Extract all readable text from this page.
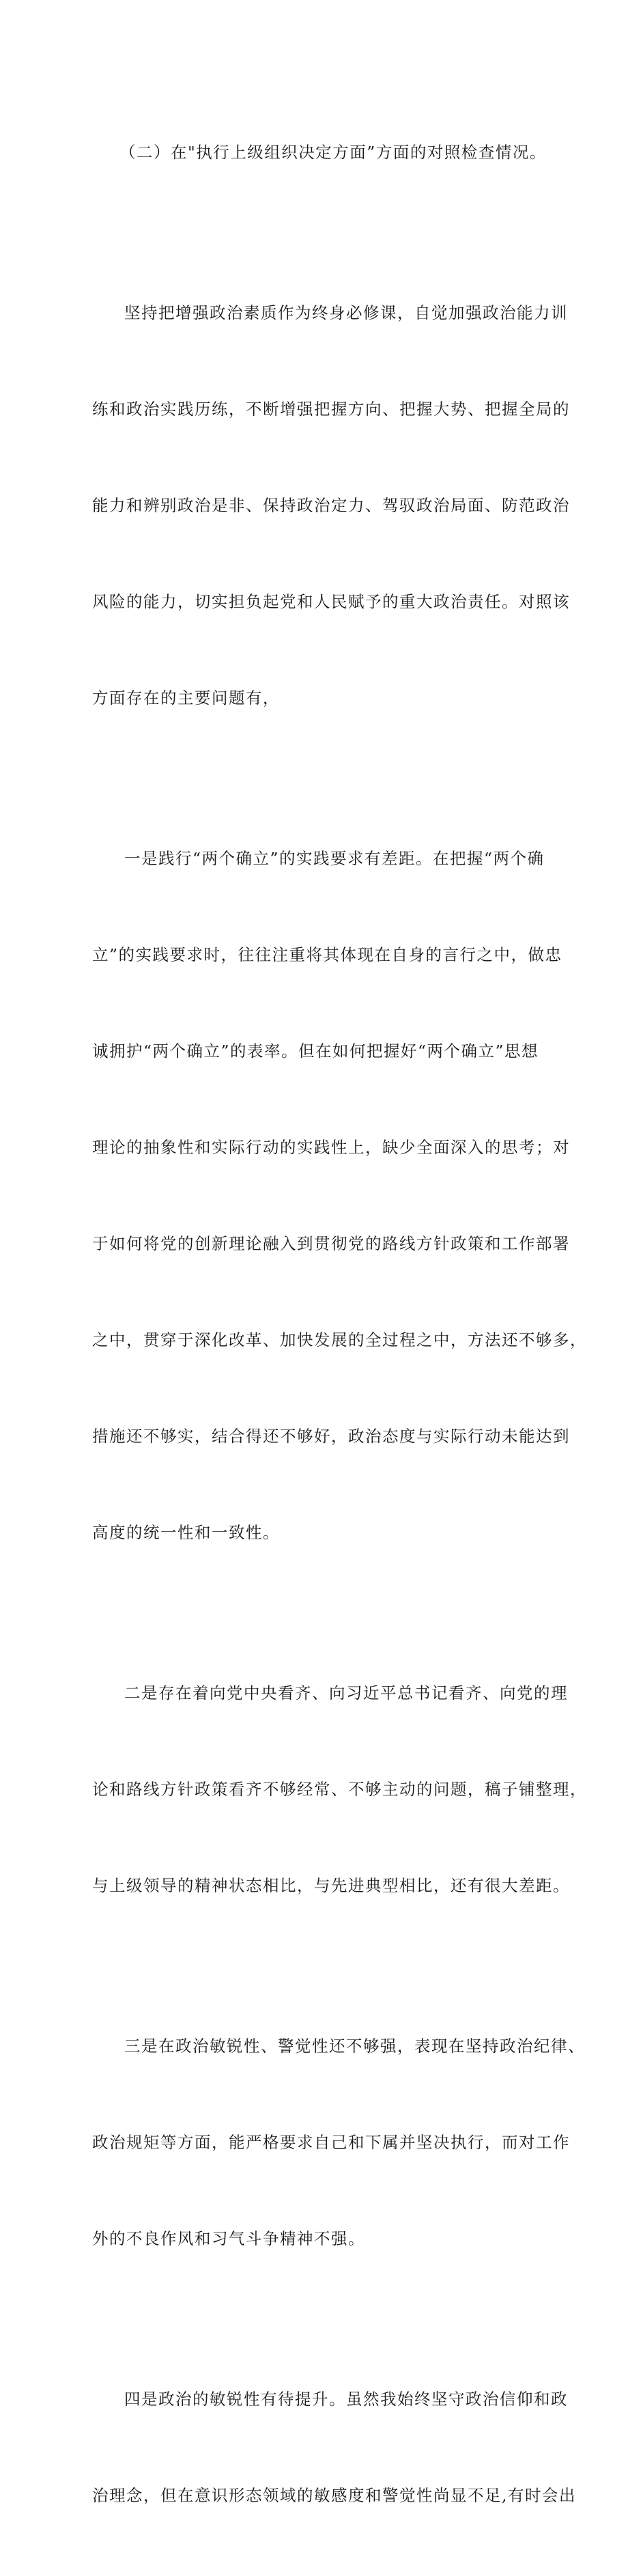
（二）在"执行上级组织决定方面”方面的对照检查情况。

坚持把增强政治素质作为终身必修课，自觉加强政治能力训

练和政治实践历练，不断增强把握方向、把握大势、把握全局的

能力和辨别政治是非、保持政治定力、驾驭政治局面、防范政治

风险的能力，切实担负起党和人民赋予的重大政治责任。对照该

方面存在的主要问题有，

一是践行“两个确立”的实践要求有差距。在把握“两个确

立”的实践要求时，往往注重将其体现在自身的言行之中，做忠

诚拥护“两个确立”的表率。但在如何把握好“两个确立”思想

理论的抽象性和实际行动的实践性上，缺少全面深入的思考；对

于如何将党的创新理论融入到贯彻党的路线方针政策和工作部署

之中，贯穿于深化改革、加快发展的全过程之中，方法还不够多，

措施还不够实，结合得还不够好，政治态度与实际行动未能达到

高度的统一性和一致性。

二是存在着向党中央看齐、向习近平总书记看齐、向党的理

论和路线方针政策看齐不够经常、不够主动的问题，稿子铺整理，

与上级领导的精神状态相比，与先进典型相比，还有很大差距。

三是在政治敏锐性、警觉性还不够强，表现在坚持政治纪律、

政治规矩等方面，能严格要求自己和下属并坚决执行，而对工作

外的不良作风和习气斗争精神不强。

四是政治的敏锐性有待提升。虽然我始终坚守政治信仰和政

治理念，但在意识形态领域的敏感度和警觉性尚显不足,有时会出
